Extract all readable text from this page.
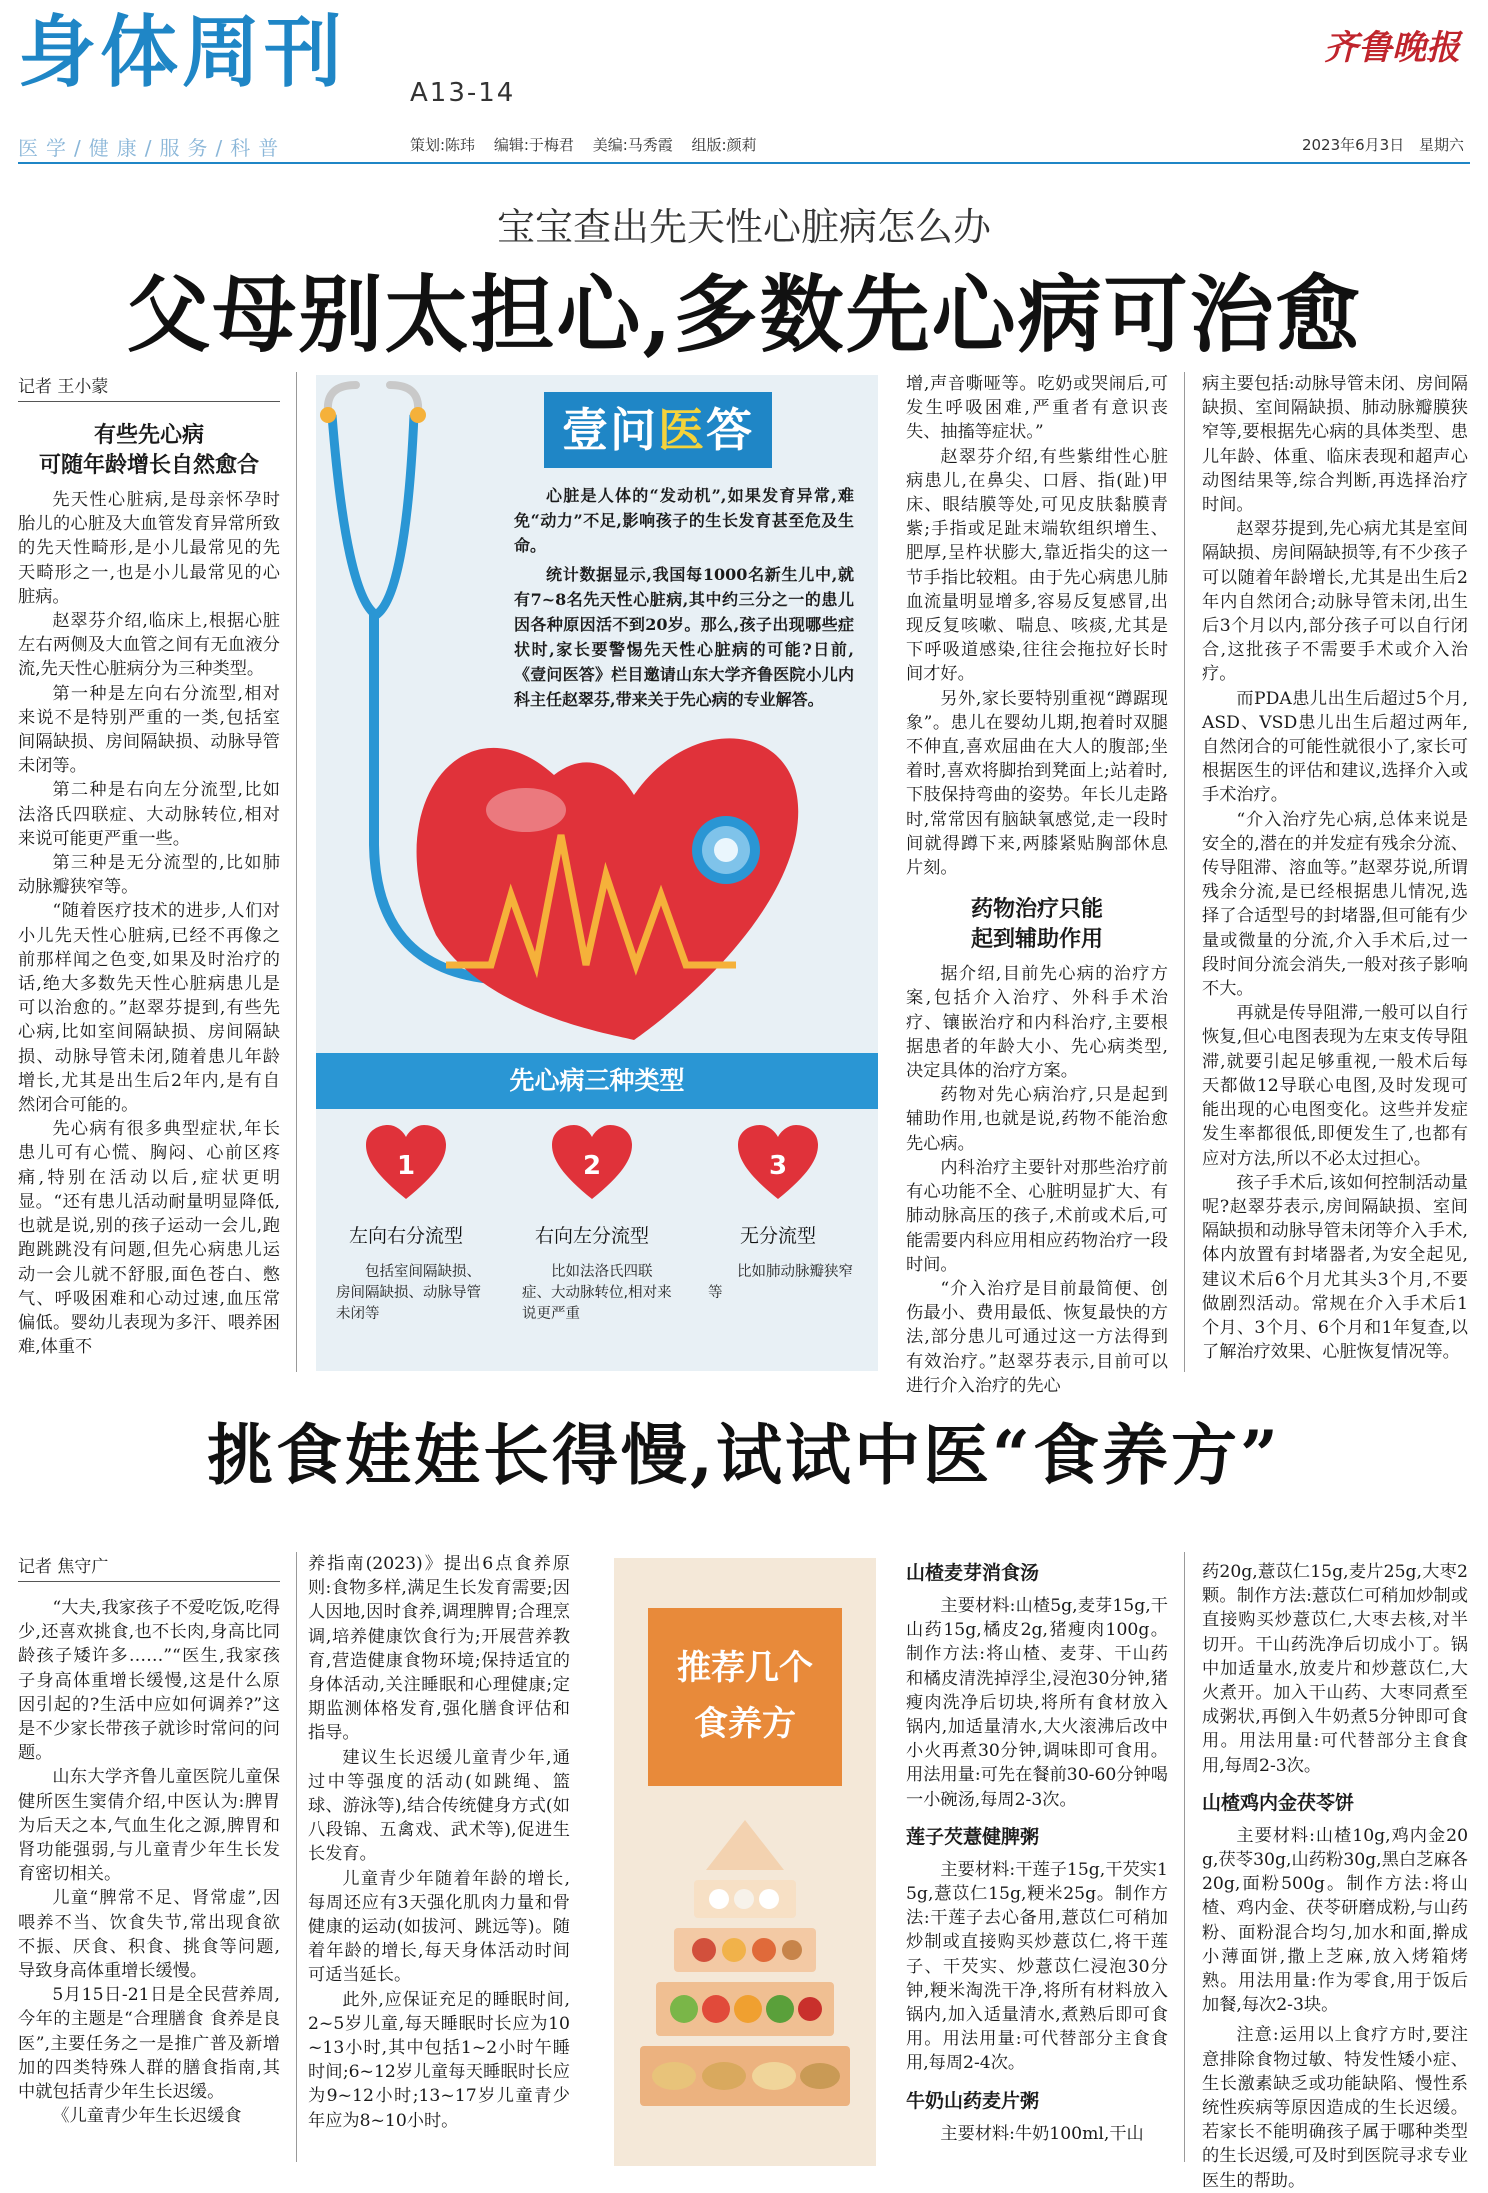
身体周刊 A13-14
齐鲁晚报
医学/健康/服务/科普	策划:陈玮 编辑:于梅君 美编:马秀霞 组版:颜莉	2023年6月3日 星期六
宝宝查出先天性心脏病怎么办
父母别太担心,多数先心病可治愈
记者 王小蒙
有些先心病
可随年龄增长自然愈合

先天性心脏病,是母亲怀孕时胎儿的心脏及大血管发育异常所致的先天性畸形,是小儿最常见的先天畸形之一,也是小儿最常见的心脏病。

赵翠芬介绍,临床上,根据心脏左右两侧及大血管之间有无血液分流,先天性心脏病分为三种类型。

第一种是左向右分流型,相对来说不是特别严重的一类,包括室间隔缺损、房间隔缺损、动脉导管未闭等。

第二种是右向左分流型,比如法洛氏四联症、大动脉转位,相对来说可能更严重一些。

第三种是无分流型的,比如肺动脉瓣狭窄等。

“随着医疗技术的进步,人们对小儿先天性心脏病,已经不再像之前那样闻之色变,如果及时治疗的话,绝大多数先天性心脏病患儿是可以治愈的。”赵翠芬提到,有些先心病,比如室间隔缺损、房间隔缺损、动脉导管未闭,随着患儿年龄增长,尤其是出生后2年内,是有自然闭合可能的。

先心病有很多典型症状,年长患儿可有心慌、胸闷、心前区疼痛,特别在活动以后,症状更明显。“还有患儿活动耐量明显降低,也就是说,别的孩子运动一会儿,跑跑跳跳没有问题,但先心病患儿运动一会儿就不舒服,面色苍白、憋气、呼吸困难和心动过速,血压常偏低。婴幼儿表现为多汗、喂养困难,体重不

壹问医答

心脏是人体的“发动机”,如果发育异常,难免“动力”不足,影响孩子的生长发育甚至危及生命。

统计数据显示,我国每1000名新生儿中,就有7~8名先天性心脏病,其中约三分之一的患儿因各种原因活不到20岁。那么,孩子出现哪些症状时,家长要警惕先天性心脏病的可能?日前,《壹问医答》栏目邀请山东大学齐鲁医院小儿内科主任赵翠芬,带来关于先心病的专业解答。

先心病三种类型
1
左向右分流型
包括室间隔缺损、房间隔缺损、动脉导管未闭等
2
右向左分流型
比如法洛氏四联症、大动脉转位,相对来说更严重
3
无分流型
比如肺动脉瓣狭窄等

增,声音嘶哑等。吃奶或哭闹后,可发生呼吸困难,严重者有意识丧失、抽搐等症状。”

赵翠芬介绍,有些紫绀性心脏病患儿,在鼻尖、口唇、指(趾)甲床、眼结膜等处,可见皮肤黏膜青紫;手指或足趾末端软组织增生、肥厚,呈杵状膨大,靠近指尖的这一节手指比较粗。由于先心病患儿肺血流量明显增多,容易反复感冒,出现反复咳嗽、喘息、咳痰,尤其是下呼吸道感染,往往会拖拉好长时间才好。

另外,家长要特别重视“蹲踞现象”。患儿在婴幼儿期,抱着时双腿不伸直,喜欢屈曲在大人的腹部;坐着时,喜欢将脚抬到凳面上;站着时,下肢保持弯曲的姿势。年长儿走路时,常常因有脑缺氧感觉,走一段时间就得蹲下来,两膝紧贴胸部休息片刻。

药物治疗只能
起到辅助作用

据介绍,目前先心病的治疗方案,包括介入治疗、外科手术治疗、镶嵌治疗和内科治疗,主要根据患者的年龄大小、先心病类型,决定具体的治疗方案。

药物对先心病治疗,只是起到辅助作用,也就是说,药物不能治愈先心病。

内科治疗主要针对那些治疗前有心功能不全、心脏明显扩大、有肺动脉高压的孩子,术前或术后,可能需要内科应用相应药物治疗一段时间。

“介入治疗是目前最简便、创伤最小、费用最低、恢复最快的方法,部分患儿可通过这一方法得到有效治疗。”赵翠芬表示,目前可以进行介入治疗的先心

病主要包括:动脉导管未闭、房间隔缺损、室间隔缺损、肺动脉瓣膜狭窄等,要根据先心病的具体类型、患儿年龄、体重、临床表现和超声心动图结果等,综合判断,再选择治疗时间。

赵翠芬提到,先心病尤其是室间隔缺损、房间隔缺损等,有不少孩子可以随着年龄增长,尤其是出生后2年内自然闭合;动脉导管未闭,出生后3个月以内,部分孩子可以自行闭合,这批孩子不需要手术或介入治疗。

而PDA患儿出生后超过5个月,ASD、VSD患儿出生后超过两年,自然闭合的可能性就很小了,家长可根据医生的评估和建议,选择介入或手术治疗。

“介入治疗先心病,总体来说是安全的,潜在的并发症有残余分流、传导阻滞、溶血等。”赵翠芬说,所谓残余分流,是已经根据患儿情况,选择了合适型号的封堵器,但可能有少量或微量的分流,介入手术后,过一段时间分流会消失,一般对孩子影响不大。

再就是传导阻滞,一般可以自行恢复,但心电图表现为左束支传导阻滞,就要引起足够重视,一般术后每天都做12导联心电图,及时发现可能出现的心电图变化。这些并发症发生率都很低,即便发生了,也都有应对方法,所以不必太过担心。

孩子手术后,该如何控制活动量呢?赵翠芬表示,房间隔缺损、室间隔缺损和动脉导管未闭等介入手术,体内放置有封堵器者,为安全起见,建议术后6个月尤其头3个月,不要做剧烈活动。常规在介入手术后1个月、3个月、6个月和1年复查,以了解治疗效果、心脏恢复情况等。

挑食娃娃长得慢,试试中医“食养方”
记者 焦守广

“大夫,我家孩子不爱吃饭,吃得少,还喜欢挑食,也不长肉,身高比同龄孩子矮许多……”“医生,我家孩子身高体重增长缓慢,这是什么原因引起的?生活中应如何调养?”这是不少家长带孩子就诊时常问的问题。

山东大学齐鲁儿童医院儿童保健所医生窦倩介绍,中医认为:脾胃为后天之本,气血生化之源,脾胃和肾功能强弱,与儿童青少年生长发育密切相关。

儿童“脾常不足、肾常虚”,因喂养不当、饮食失节,常出现食欲不振、厌食、积食、挑食等问题,导致身高体重增长缓慢。

5月15日-21日是全民营养周,今年的主题是“合理膳食 食养是良医”,主要任务之一是推广普及新增加的四类特殊人群的膳食指南,其中就包括青少年生长迟缓。

《儿童青少年生长迟缓食

养指南(2023)》提出6点食养原则:食物多样,满足生长发育需要;因人因地,因时食养,调理脾胃;合理烹调,培养健康饮食行为;开展营养教育,营造健康食物环境;保持适宜的身体活动,关注睡眠和心理健康;定期监测体格发育,强化膳食评估和指导。

建议生长迟缓儿童青少年,通过中等强度的活动(如跳绳、篮球、游泳等),结合传统健身方式(如八段锦、五禽戏、武术等),促进生长发育。

儿童青少年随着年龄的增长,每周还应有3天强化肌肉力量和骨健康的运动(如拔河、跳远等)。随着年龄的增长,每天身体活动时间可适当延长。

此外,应保证充足的睡眠时间,2~5岁儿童,每天睡眠时长应为10~13小时,其中包括1~2小时午睡时间;6~12岁儿童每天睡眠时长应为9~12小时;13~17岁儿童青少年应为8~10小时。

推荐几个
食养方
山楂麦芽消食汤

主要材料:山楂5g,麦芽15g,干山药15g,橘皮2g,猪瘦肉100g。制作方法:将山楂、麦芽、干山药和橘皮清洗掉浮尘,浸泡30分钟,猪瘦肉洗净后切块,将所有食材放入锅内,加适量清水,大火滚沸后改中小火再煮30分钟,调味即可食用。用法用量:可先在餐前30-60分钟喝一小碗汤,每周2-3次。

莲子芡薏健脾粥

主要材料:干莲子15g,干芡实15g,薏苡仁15g,粳米25g。制作方法:干莲子去心备用,薏苡仁可稍加炒制或直接购买炒薏苡仁,将干莲子、干芡实、炒薏苡仁浸泡30分钟,粳米淘洗干净,将所有材料放入锅内,加入适量清水,煮熟后即可食用。用法用量:可代替部分主食食用,每周2-4次。

牛奶山药麦片粥

主要材料:牛奶100ml,干山

药20g,薏苡仁15g,麦片25g,大枣2颗。制作方法:薏苡仁可稍加炒制或直接购买炒薏苡仁,大枣去核,对半切开。干山药洗净后切成小丁。锅中加适量水,放麦片和炒薏苡仁,大火煮开。加入干山药、大枣同煮至成粥状,再倒入牛奶煮5分钟即可食用。用法用量:可代替部分主食食用,每周2-3次。

山楂鸡内金茯苓饼

主要材料:山楂10g,鸡内金20g,茯苓30g,山药粉30g,黑白芝麻各20g,面粉500g。制作方法:将山楂、鸡内金、茯苓研磨成粉,与山药粉、面粉混合均匀,加水和面,擀成小薄面饼,撒上芝麻,放入烤箱烤熟。用法用量:作为零食,用于饭后加餐,每次2-3块。

注意:运用以上食疗方时,要注意排除食物过敏、特发性矮小症、生长激素缺乏或功能缺陷、慢性系统性疾病等原因造成的生长迟缓。若家长不能明确孩子属于哪种类型的生长迟缓,可及时到医院寻求专业医生的帮助。
